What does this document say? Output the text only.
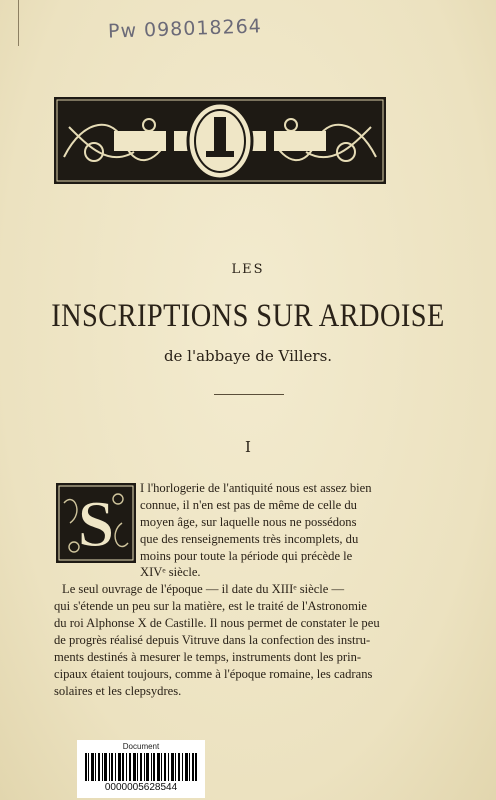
Pw 098018264
LES
INSCRIPTIONS SUR ARDOISE
de l'abbaye de Villers.
I
S I l'horlogerie de l'antiquité nous est assez bien
connue, il n'en est pas de même de celle du
moyen âge, sur laquelle nous ne possédons
que des renseignements très incomplets, du
moins pour toute la période qui précède le
XIVᵉ siècle.
Le seul ouvrage de l'époque — il date du XIIIᵉ siècle —
qui s'étende un peu sur la matière, est le traité de l'Astronomie
du roi Alphonse X de Castille. Il nous permet de constater le peu
de progrès réalisé depuis Vitruve dans la confection des instru-
ments destinés à mesurer le temps, instruments dont les prin-
cipaux étaient toujours, comme à l'époque romaine, les cadrans
solaires et les clepsydres.
Document
0000005628544
